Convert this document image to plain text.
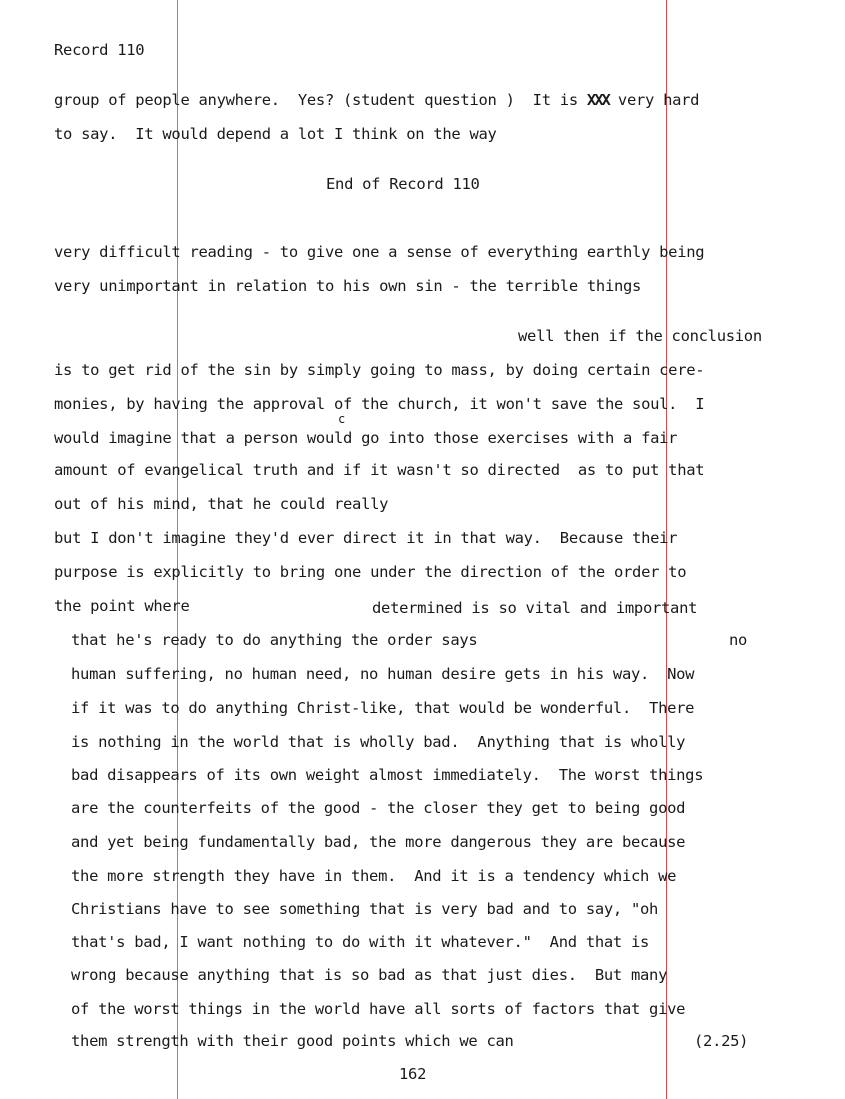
Record 110
group of people anywhere.  Yes? (student question )  It is XXX very hard
to say.  It would depend a lot I think on the way
End of Record 110
very difficult reading - to give one a sense of everything earthly being
very unimportant in relation to his own sin - the terrible things
well then if the conclusion
is to get rid of the sin by simply going to mass, by doing certain cere-
monies, by having the approval of the church, it won't save the soul.  I
c
would imagine that a person would go into those exercises with a fair
amount of evangelical truth and if it wasn't so directed  as to put that
out of his mind, that he could really
but I don't imagine they'd ever direct it in that way.  Because their
purpose is explicitly to bring one under the direction of the order to
the point where	determined is so vital and important
that he's ready to do anything the order says	no
human suffering, no human need, no human desire gets in his way.  Now
if it was to do anything Christ-like, that would be wonderful.  There
is nothing in the world that is wholly bad.  Anything that is wholly
bad disappears of its own weight almost immediately.  The worst things
are the counterfeits of the good - the closer they get to being good
and yet being fundamentally bad, the more dangerous they are because
the more strength they have in them.  And it is a tendency which we
Christians have to see something that is very bad and to say, "oh
that's bad, I want nothing to do with it whatever."  And that is
wrong because anything that is so bad as that just dies.  But many
of the worst things in the world have all sorts of factors that give
them strength with their good points which we can	(2.25)
162
